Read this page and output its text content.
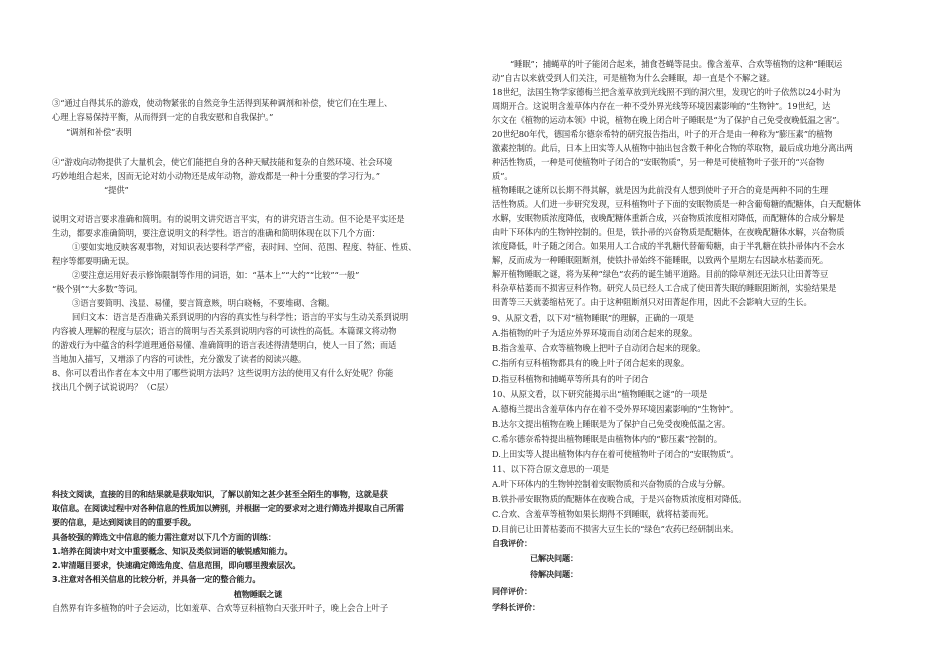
③“通过自得其乐的游戏，使动物紧张的自然竞争生活得到某种调剂和补偿，使它们在生理上、
心理上容易保持平衡，从而得到一定的自我安慰和自我保护。”
“调剂和补偿”表明
④“游戏向动物提供了大量机会，使它们能把自身的各种天赋技能和复杂的自然环境、社会环境
巧妙地组合起来，因而无论对幼小动物还是成年动物，游戏都是一种十分重要的学习行为。”
“提供”
说明文对语言要求准确和简明。有的说明文讲究语言平实，有的讲究语言生动。但不论是平实还是
生动，都要求准确简明，要注意说明文的科学性。语言的准确和简明体现在以下几个方面：
①要如实地反映客观事物，对知识表达要科学严密，表时间、空间、范围、程度、特征、性质、
程序等都要明确无误。
②要注意运用好表示修饰限制等作用的词语，如：“基本上”“大约”“比较”“一般”
“极个别”“大多数”等词。
③语言要简明、浅显、易懂，要言简意赅，明白晓畅，不要堆砌、含糊。
回归文本：语言是否准确关系到说明的内容的真实性与科学性；语言的平实与生动关系到说明
内容被人理解的程度与层次；语言的简明与否关系到说明内容的可读性的高低。本篇课文将动物
的游戏行为中蕴含的科学道理通俗易懂、准确简明的语言表述得清楚明白，使人一目了然；而适
当地加入描写，又增添了内容的可读性，充分激发了读者的阅读兴趣。
8、你可以看出作者在本文中用了哪些说明方法吗？这些说明方法的使用又有什么好处呢？你能
找出几个例子试说说吗？（C层）
科技文阅读，直接的目的和结果就是获取知识，了解以前知之甚少甚至全陌生的事物，这就是获
取信息。在阅读过程中对各种信息的性质加以辨别，并根据一定的要求对之进行筛选并提取自己所需
要的信息，是达到阅读目的的重要手段。
具备较强的筛选文中信息的能力需注意对以下几个方面的训练：
1.培养在阅读中对文中重要概念、知识及类似词语的敏锐感知能力。
2.审清题目要求，快速确定筛选角度、信息范围，即向哪里搜索层次。
3.注意对各相关信息的比较分析，并具备一定的整合能力。
植物睡眠之谜
自然界有许多植物的叶子会运动，比如羞草、合欢等豆科植物白天张开叶子，晚上会合上叶子
“睡眠”；捕蝇草的叶子能闭合起来，捕食苍蝇等昆虫。像含羞草、合欢等植物的这种“睡眠运
动”自古以来就受到人们关注，可是植物为什么会睡眠，却一直是个不解之谜。
18世纪，法国生物学家德梅兰把含羞草放到光线照不到的洞穴里，发现它的叶子依然以24小时为
周期开合。这说明含羞草体内存在一种不受外界光线等环境因素影响的“生物钟”。19世纪，达
尔文在《植物的运动本领》中说，植物在晚上闭合叶子睡眠是“为了保护自己免受夜晚低温之害”。
20世纪80年代，德国希尔德奈希特的研究报告指出，叶子的开合是由一种称为“膨压素”的植物
激素控制的。此后，日本上田实等人从植物中抽出包含数千种化合物的萃取物，最后成功地分离出两
种活性物质，一种是可使植物叶子闭合的“安眠物质”，另一种是可使植物叶子张开的“兴奋物
质”。
植物睡眠之谜所以长期不得其解，就是因为此前没有人想到使叶子开合的竟是两种不同的生理
活性物质。人们进一步研究发现，豆科植物叶子下面的安眠物质是一种含葡萄糖的配糖体，白天配糖体
水解，安眠物质浓度降低，夜晚配糖体重新合成，兴奋物质浓度相对降低，而配糖体的合成分解是
由叶下环体内的生物钟控制的。但是，铁扑帚的兴奋物质是配糖体，在夜晚配糖体水解，兴奋物质
浓度降低，叶子随之闭合。如果用人工合成的半乳糖代替葡萄糖，由于半乳糖在铁扑帚体内不会水
解，反而成为一种睡眠阻断剂，使铁扑帚始终不能睡眠，以致两个星期左右因缺水枯萎而死。
解开植物睡眠之谜，将为某种“绿色”农药的诞生铺平道路。目前的除草剂还无法只让田菁等豆
科杂草枯萎而不损害豆科作物。研究人员已经人工合成了使田菁失眠的睡眠阻断剂，实验结果是
田菁等三天就萎缩枯死了。由于这种阻断剂只对田菁起作用，因此不会影响大豆的生长。
9、从原文看，以下对“植物睡眠”的理解，正确的一项是
A.指植物的叶子为适应外界环境而自动闭合起来的现象。
B.指含羞草、合欢等植物晚上把叶子自动闭合起来的现象。
C.指所有豆科植物都具有的晚上叶子闭合起来的现象。
D.指豆科植物和捕蝇草等所具有的叶子闭合
10、从原文看，以下研究能揭示出“植物睡眠之谜”的一项是
A.德梅兰提出含羞草体内存在着不受外界环境因素影响的“生物钟”。
B.达尔文提出植物在晚上睡眠是为了保护自己免受夜晚低温之害。
C.希尔德奈希特提出植物睡眠是由植物体内的“膨压素”控制的。
D.上田实等人提出植物体内存在着可使植物叶子闭合的“安眠物质”。
11、以下符合原文意思的一项是
A.叶下环体内的生物钟控制着安眠物质和兴奋物质的合成与分解。
B.铁扑帚安眠物质的配糖体在夜晚合成，于是兴奋物质浓度相对降低。
C.合欢、含羞草等植物如果长期得不到睡眠，就将枯萎而死。
D.目前已让田菁枯萎而不损害大豆生长的“绿色”农药已经研制出来。
自我评价：
已解决问题：
待解决问题：
同伴评价：
学科长评价：
